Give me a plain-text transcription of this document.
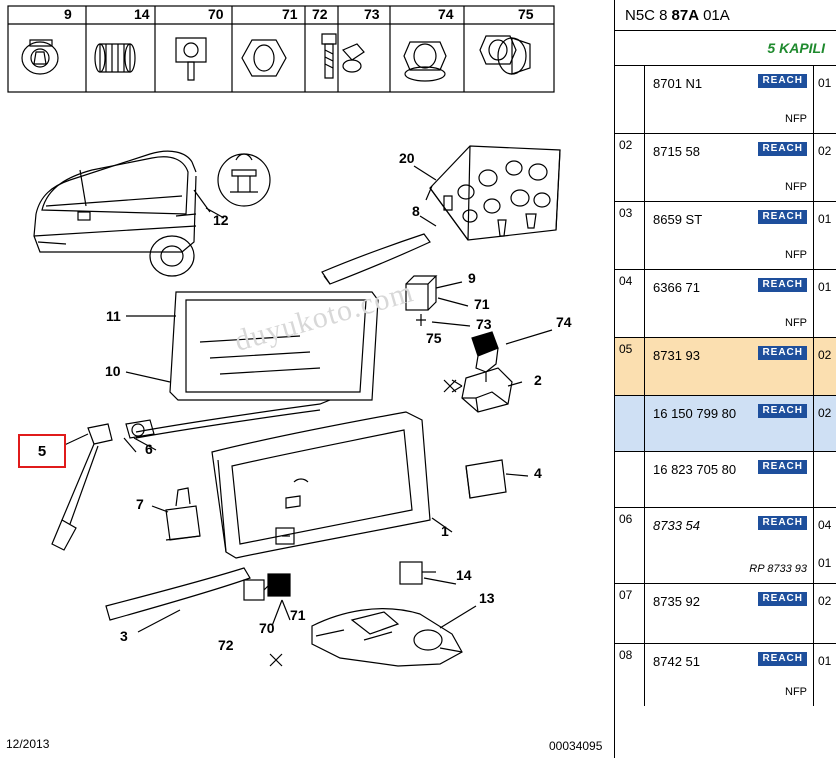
duyukoto.com
9	14	70	71 72	73	74	75
20
8
12
9
71
73	74
75
11
10
2
6
4
7
1
14
3	70
71
13
72
5
12/2013	00034095
N5C 8 87A 01A
5 KAPILI
8701 N1	REACH
NFP
01
02	8715 58	REACH
NFP
02
03	8659 ST	REACH
NFP
01
04	6366 71	REACH
NFP
01
05	8731 93	REACH	02
16 150 799 80	REACH	02
16 823 705 80	REACH
06	8733 54	REACH
RP 8733 93
04
01
07	8735 92	REACH	02
08	8742 51	REACH
NFP
01
